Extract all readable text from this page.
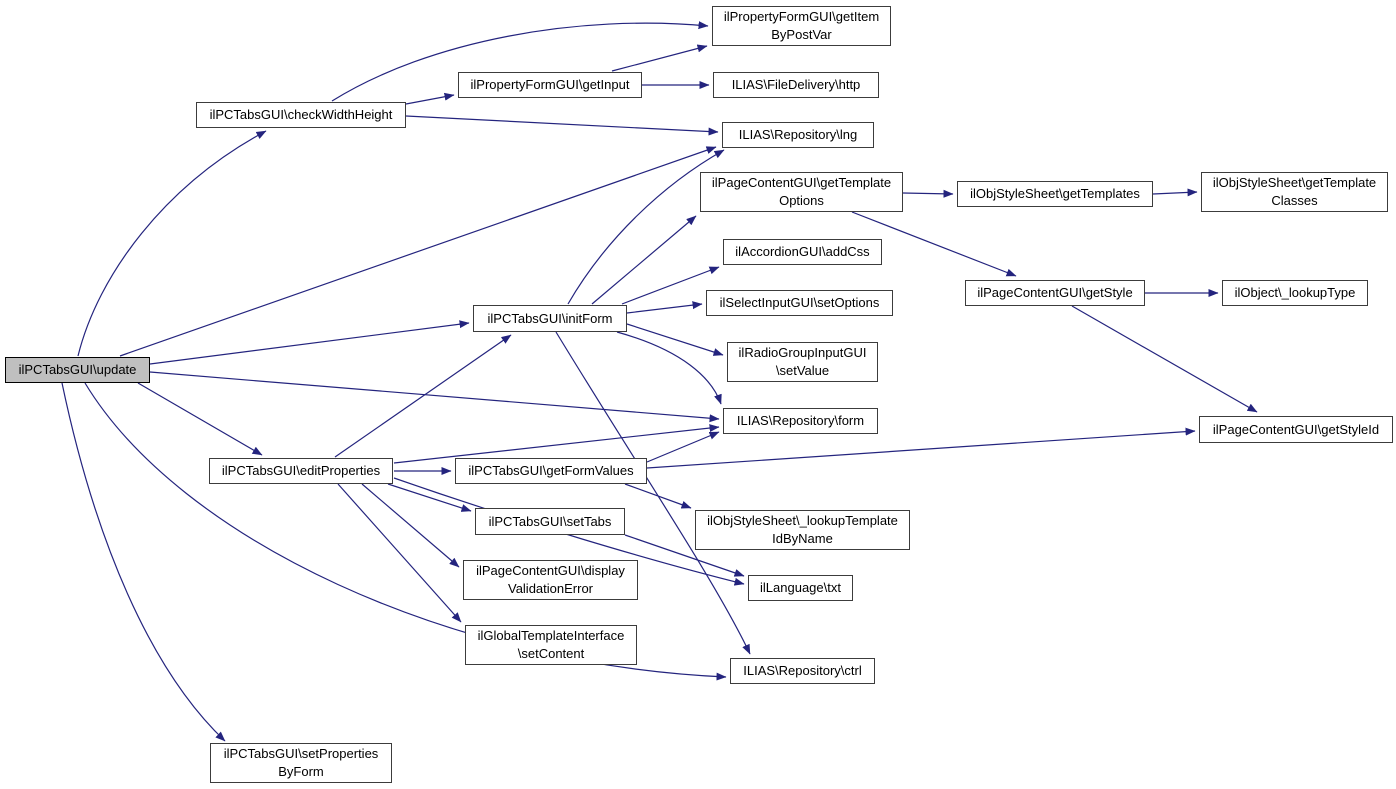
ilPCTabsGUI\update
ilPCTabsGUI\checkWidthHeight
ilPropertyFormGUI\getInput
ilPropertyFormGUI\getItem
ByPostVar
ILIAS\FileDelivery\http
ILIAS\Repository\lng
ilPageContentGUI\getTemplate
Options	ilObjStyleSheet\getTemplates
ilObjStyleSheet\getTemplate
Classes
ilAccordionGUI\addCss
ilSelectInputGUI\setOptions
ilPageContentGUI\getStyle	ilObject\_lookupType
ilPCTabsGUI\initForm
ilRadioGroupInputGUI
\setValue
ILIAS\Repository\form
ilPageContentGUI\getStyleId
ilPCTabsGUI\editProperties	ilPCTabsGUI\getFormValues
ilObjStyleSheet\_lookupTemplate
IdByName
ilPCTabsGUI\setTabs
ilPageContentGUI\display
ValidationError	ilLanguage\txt
ilGlobalTemplateInterface
\setContent
ILIAS\Repository\ctrl
ilPCTabsGUI\setProperties
ByForm
